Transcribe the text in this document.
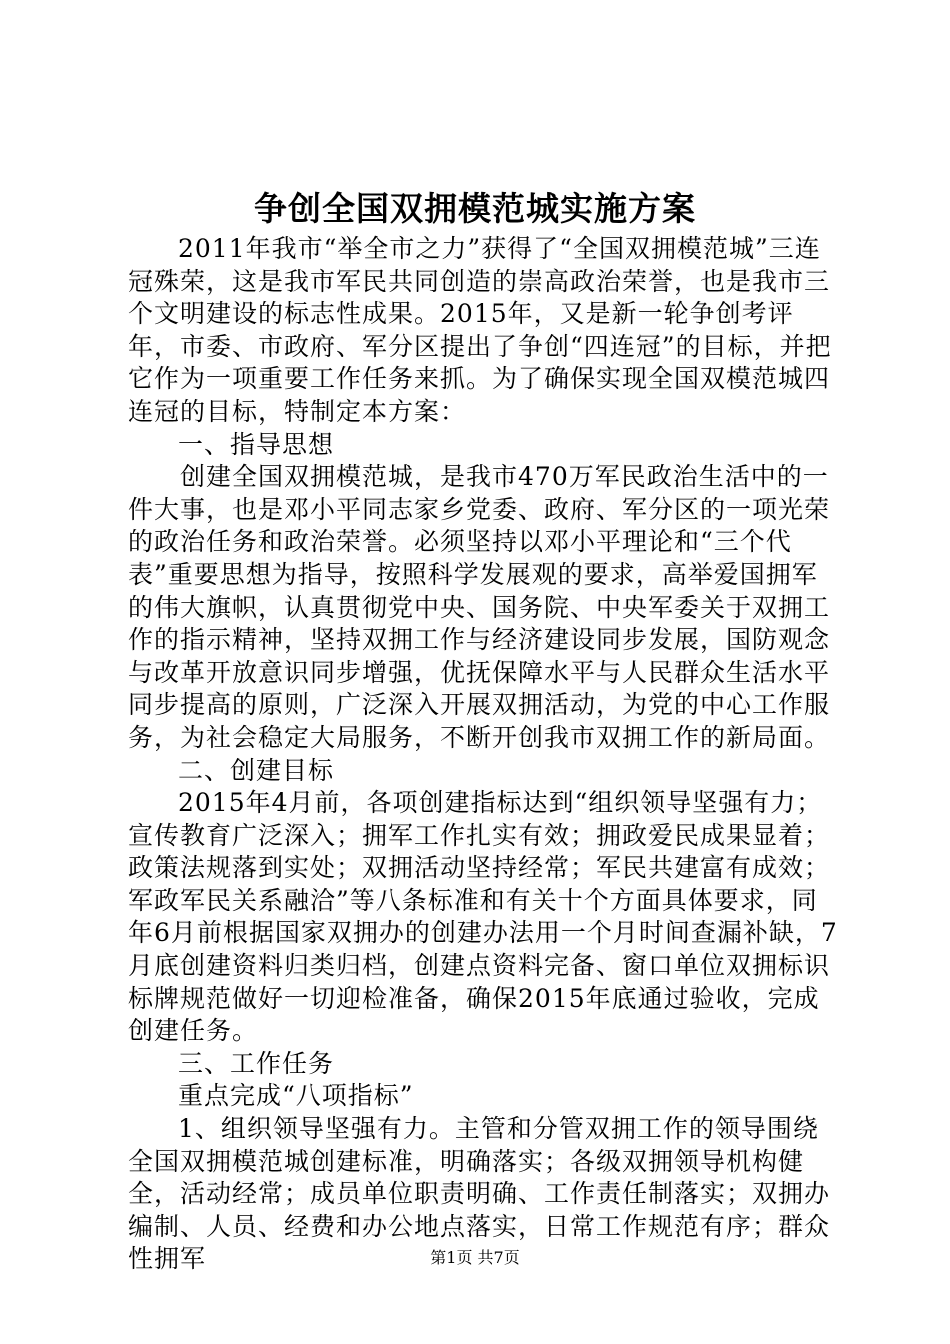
争创全国双拥模范城实施方案

2011年我市“举全市之力”获得了“全国双拥模范城”三连冠殊荣，这是我市军民共同创造的崇高政治荣誉，也是我市三个文明建设的标志性成果。2015年，又是新一轮争创考评年，市委、市政府、军分区提出了争创“四连冠”的目标，并把它作为一项重要工作任务来抓。为了确保实现全国双模范城四连冠的目标，特制定本方案：

一、指导思想

创建全国双拥模范城，是我市470万军民政治生活中的一件大事，也是邓小平同志家乡党委、政府、军分区的一项光荣的政治任务和政治荣誉。必须坚持以邓小平理论和“三个代表”重要思想为指导，按照科学发展观的要求，高举爱国拥军的伟大旗帜，认真贯彻党中央、国务院、中央军委关于双拥工作的指示精神，坚持双拥工作与经济建设同步发展，国防观念与改革开放意识同步增强，优抚保障水平与人民群众生活水平同步提高的原则，广泛深入开展双拥活动，为党的中心工作服务，为社会稳定大局服务，不断开创我市双拥工作的新局面。

二、创建目标

2015年4月前，各项创建指标达到“组织领导坚强有力；宣传教育广泛深入；拥军工作扎实有效；拥政爱民成果显着；政策法规落到实处；双拥活动坚持经常；军民共建富有成效；军政军民关系融洽”等八条标准和有关十个方面具体要求，同年6月前根据国家双拥办的创建办法用一个月时间查漏补缺，7月底创建资料归类归档，创建点资料完备、窗口单位双拥标识标牌规范做好一切迎检准备，确保2015年底通过验收，完成创建任务。

三、工作任务

重点完成“八项指标”

1、组织领导坚强有力。主管和分管双拥工作的领导围绕全国双拥模范城创建标准，明确落实；各级双拥领导机构健全，活动经常；成员单位职责明确、工作责任制落实；双拥办编制、人员、经费和办公地点落实，日常工作规范有序；群众性拥军	第1页 共7页
